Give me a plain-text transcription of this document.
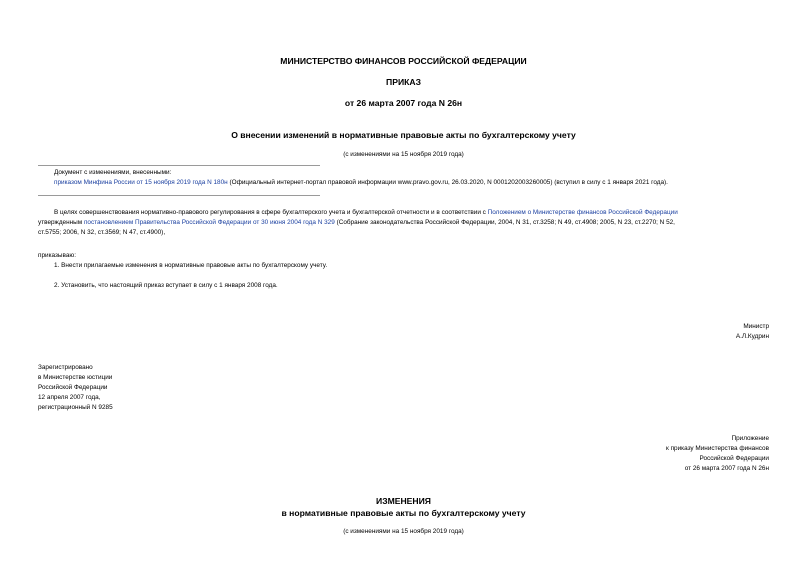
МИНИСТЕРСТВО ФИНАНСОВ РОССИЙСКОЙ ФЕДЕРАЦИИ
ПРИКАЗ
от 26 марта 2007 года N 26н
О внесении изменений в нормативные правовые акты по бухгалтерскому учету
(с изменениями на 15 ноября 2019 года)
Документ с изменениями, внесенными:
приказом Минфина России от 15 ноября 2019 года N 180н (Официальный интернет-портал правовой информации www.pravo.gov.ru, 26.03.2020, N 0001202003260005) (вступил в силу с 1 января 2021 года).
В целях совершенствования нормативно-правового регулирования в сфере бухгалтерского учета и бухгалтерской отчетности и в соответствии с Положением о Министерстве финансов Российской Федерации
утвержденным постановлением Правительства Российской Федерации от 30 июня 2004 года N 329 (Собрание законодательства Российской Федерации, 2004, N 31, ст.3258; N 49, ст.4908; 2005, N 23, ст.2270; N 52,
ст.5755; 2006, N 32, ст.3569; N 47, ст.4900),
приказываю:
1. Внести прилагаемые изменения в нормативные правовые акты по бухгалтерскому учету.
2. Установить, что настоящий приказ вступает в силу с 1 января 2008 года.
Министр
А.Л.Кудрин
Зарегистрировано
в Министерстве юстиции
Российской Федерации
12 апреля 2007 года,
регистрационный N 9285
Приложение
к приказу Министерства финансов
Российской Федерации
от 26 марта 2007 года N 26н
ИЗМЕНЕНИЯ
в нормативные правовые акты по бухгалтерскому учету
(с изменениями на 15 ноября 2019 года)
